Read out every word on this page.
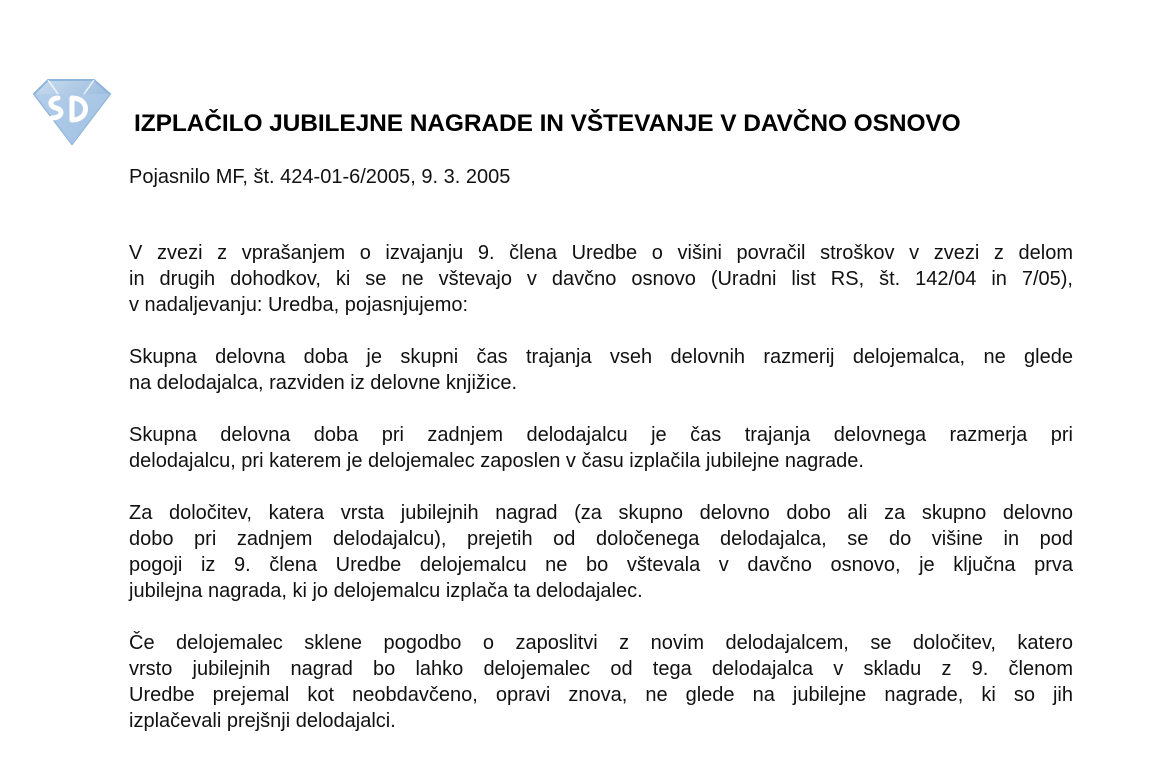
IZPLAČILO JUBILEJNE NAGRADE IN VŠTEVANJE V DAVČNO OSNOVO
Pojasnilo MF, št. 424-01-6/2005, 9. 3. 2005
V zvezi z vprašanjem o izvajanju 9. člena Uredbe o višini povračil stroškov v zvezi z delom
in drugih dohodkov, ki se ne vštevajo v davčno osnovo (Uradni list RS, št. 142/04 in 7/05),
v nadaljevanju: Uredba, pojasnjujemo:
Skupna delovna doba je skupni čas trajanja vseh delovnih razmerij delojemalca, ne glede
na delodajalca, razviden iz delovne knjižice.
Skupna delovna doba pri zadnjem delodajalcu je čas trajanja delovnega razmerja pri
delodajalcu, pri katerem je delojemalec zaposlen v času izplačila jubilejne nagrade.
Za določitev, katera vrsta jubilejnih nagrad (za skupno delovno dobo ali za skupno delovno
dobo pri zadnjem delodajalcu), prejetih od določenega delodajalca, se do višine in pod
pogoji iz 9. člena Uredbe delojemalcu ne bo vštevala v davčno osnovo, je ključna prva
jubilejna nagrada, ki jo delojemalcu izplača ta delodajalec.
Če delojemalec sklene pogodbo o zaposlitvi z novim delodajalcem, se določitev, katero
vrsto jubilejnih nagrad bo lahko delojemalec od tega delodajalca v skladu z 9. členom
Uredbe prejemal kot neobdavčeno, opravi znova, ne glede na jubilejne nagrade, ki so jih
izplačevali prejšnji delodajalci.
